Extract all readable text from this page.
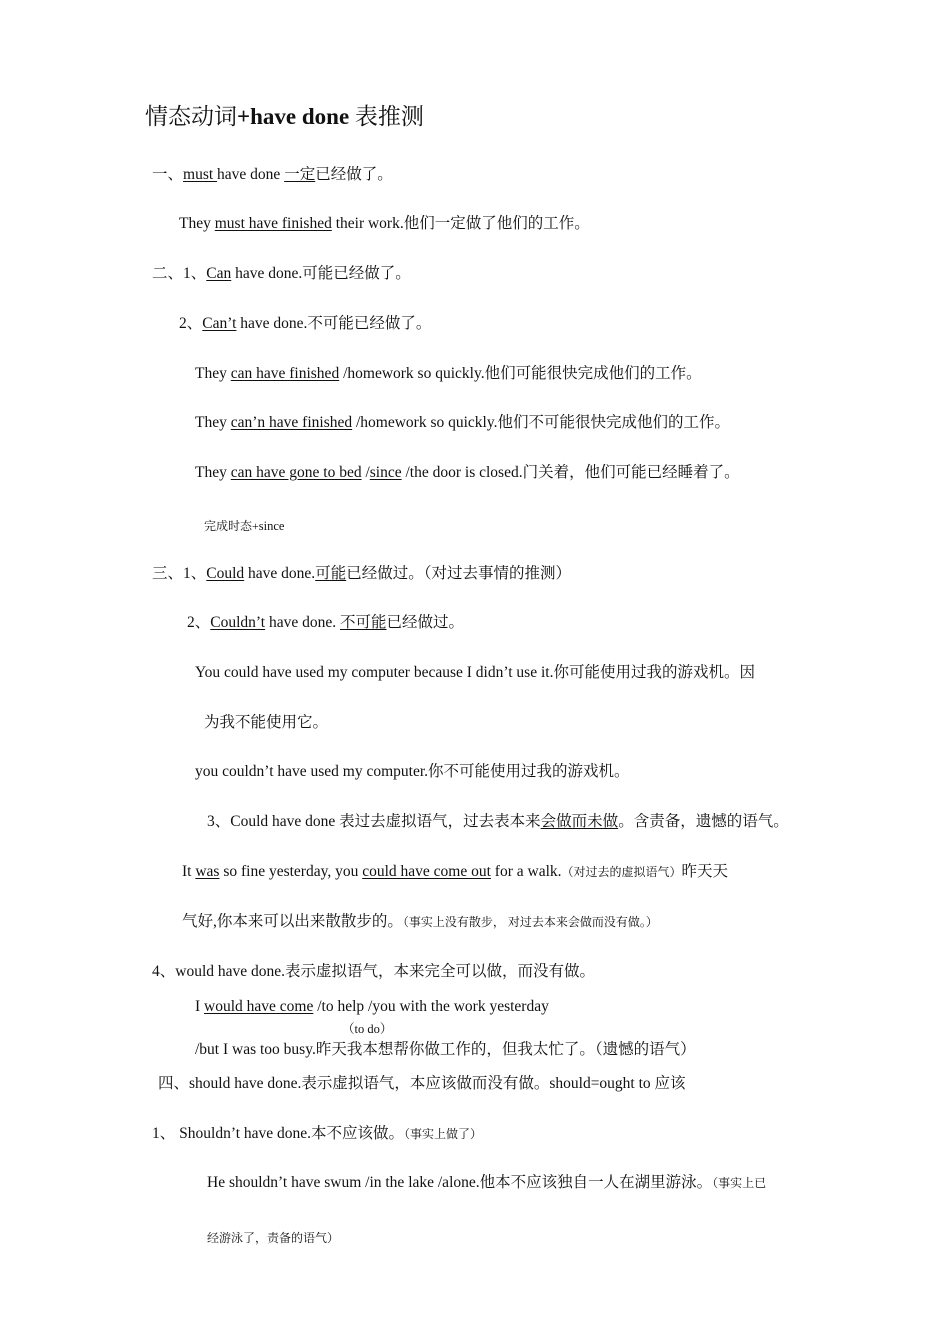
情态动词+have done 表推测
一、must have done 一定已经做了。
They must have finished their work.他们一定做了他们的工作。
二、1、Can have done.可能已经做了。
2、Can’t have done.不可能已经做了。
They can have finished /homework so quickly.他们可能很快完成他们的工作。
They can’n have finished /homework so quickly.他们不可能很快完成他们的工作。
They can have gone to bed /since /the door is closed.门关着，他们可能已经睡着了。
完成时态+since
三、1、Could have done.可能已经做过。（对过去事情的推测）
2、Couldn’t have done. 不可能已经做过。
You could have used my computer because I didn’t use it.你可能使用过我的游戏机。因
为我不能使用它。
you couldn’t have used my computer.你不可能使用过我的游戏机。
3、Could have done 表过去虚拟语气，过去表本来会做而未做。含责备，遗憾的语气。
It was so fine yesterday, you could have come out for a walk.（对过去的虚拟语气）昨天天
气好,你本来可以出来散散步的。（事实上没有散步， 对过去本来会做而没有做。）
4、would have done.表示虚拟语气，本来完全可以做，而没有做。
I would have come /to help /you with the work yesterday
（to do）
/but I was too busy.昨天我本想帮你做工作的，但我太忙了。（遗憾的语气）
四、should have done.表示虚拟语气，本应该做而没有做。should=ought to 应该
1、 Shouldn’t have done.本不应该做。（事实上做了）
He shouldn’t have swum /in the lake /alone.他本不应该独自一人在湖里游泳。（事实上已
经游泳了，责备的语气）
